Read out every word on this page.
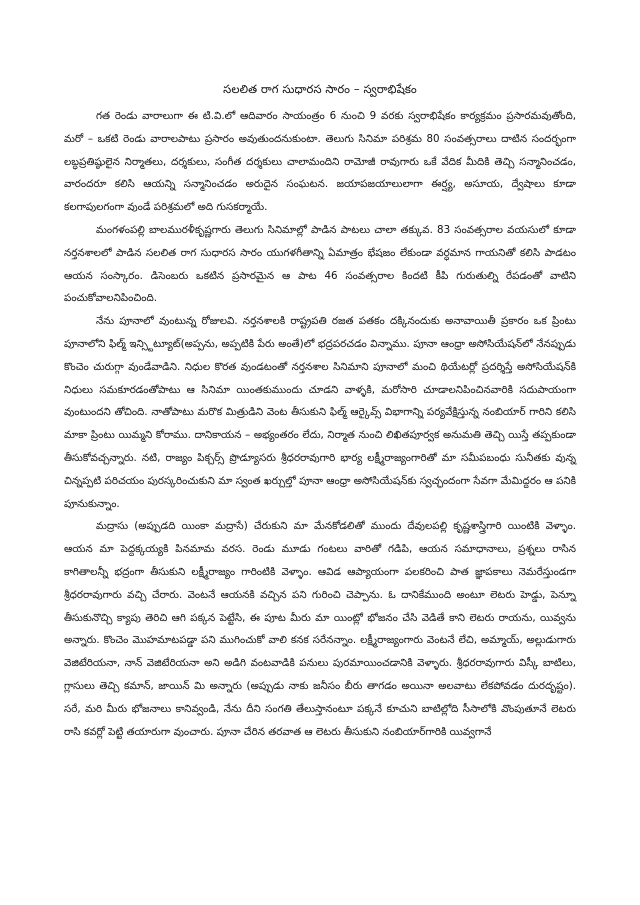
సలలిత రాగ సుధారస సారం – స్వరాభిషేకం

గత రెండు వారాలుగా ఈ టి.వి.లో ఆదివారం సాయంత్రం 6 నుంచి 9 వరకు స్వరాభిషేకం కార్యక్రమం ప్రసారమవుతోంది, మరో – ఒకటి రెండు వారాలపాటు ప్రసారం అవుతుందనుకుంటా. తెలుగు సినిమా పరిశ్రమ 80 సంవత్సరాలు దాటిన సందర్భంగా లబ్ధప్రతిష్ఠులైన నిర్మాతలు, దర్శకులు, సంగీత దర్శకులు చాలామందిని రామోజీ రావుగారు ఒకే వేదిక మీదికి తెచ్చి సన్మానించడం, వారందరూ కలిసి ఆయన్ని సన్మానించడం అరుదైన సంఘటన. జయాపజయాలులాగా ఈర్ష్య, అసూయ, ద్వేషాలు కూడా కలగాపులగంగా వుండే పరిశ్రమలో అది గుసకర్మాయే.

మంగళంపల్లి బాలమురళీకృష్ణగారు తెలుగు సినిమాల్లో పాడిన పాటలు చాలా తక్కువ. 83 సంవత్సరాల వయసులో కూడా నర్తనశాలలో పాడిన సలలిత రాగ సుధారస సారం యుగళగీతాన్ని ఏమాత్రం భేషజం లేకుండా వర్ధమాన గాయనితో కలిసి పాడటం ఆయన సంస్కారం. డిసెంబరు ఒకటిన ప్రసారమైన ఆ పాట 46 సంవత్సరాల కిందటి కీపి గురుతుల్ని రేపడంతో వాటిని పంచుకోవాలనిపించింది.

నేను పూనాలో వుంటున్న రోజులవి. నర్తనశాలకి రాష్ట్రపతి రజత పతకం దక్కినందుకు అనావాయితీ ప్రకారం ఒక ప్రింటు పూనాలోని ఫిల్మ్ ఇన్స్టిట్యూట్(అప్పను, అప్పటికి పేరు అంతే)లో భద్రపరచడం విన్నాము. పూనా ఆంధ్రా అసోసియేషన్‌లో నేనప్పుడు కొంచెం చురుగ్గా వుండేవాడిని. నిధుల కొరత వుండటంతో నర్తనశాల సినిమాని పూనాలో మంచి థియేటర్లో ప్రదర్శిస్తే అసోసియేషన్‌కి నిధులు సమకూరడంతోపాటు ఆ సినిమా యింతకుముందు చూడని వాళ్ళకి, మరోసారి చూడాలనిపించినవారికి సదుపాయంగా వుంటుందని తోచింది. నాతోపాటు మరొక మిత్రుడిని వెంట తీసుకుని ఫిల్మ్ ఆర్కైవ్స్ విభాగాన్ని పర్యవేక్షిస్తున్న నంబియార్ గారిని కలిసి మాకా ప్రింటు యిమ్మని కోరాము. దానికాయన – అభ్యంతరం లేదు, నిర్మాత నుంచి లిఖితపూర్వక అనుమతి తెచ్చి యిస్తే తప్పకుండా తీసుకోవచ్చన్నారు. నటి, రాజ్యం పిక్చర్స్ ప్రొడ్యూసరు శ్రీధరరావుగారి భార్య లక్ష్మీరాజ్యంగారితో మా సమీపబంధు సునీతకు వున్న చిన్నప్పటి పరిచయం పురస్కరించుకుని మా స్వంత ఖర్చుల్తో పూనా ఆంధ్రా అసోసియేషన్‌కు స్వచ్ఛందంగా సేవగా మేమిద్దరం ఆ పనికి పూనుకున్నాం.

మద్రాసు (అప్పుడది యింకా మద్రాసే) చేరుకుని మా మేనకోడలితో ముందు దేవులపల్లి కృష్ణశాస్త్రిగారి యింటికి వెళ్ళాం. ఆయన మా పెద్దక్కయ్యకి పినమామ వరస. రెండు మూడు గంటలు వారితో గడిపి, ఆయన సమాధానాలు, ప్రశ్నలు రాసిన కాగితాలన్నీ భద్రంగా తీసుకుని లక్ష్మీరాజ్యం గారింటికి వెళ్ళాం. ఆవిడ ఆప్యాయంగా పలకరించి పాత జ్ఞాపకాలు నెమరేస్తుండగా శ్రీధరరావుగారు వచ్చి చేరారు. వెంటనే ఆయనకి వచ్చిన పని గురించి చెప్పాను. ఓ దానికేముంది అంటూ లెటరు హెడ్డు, పెన్నూ తీసుకునొచ్చి క్యాపు తెరిచి ఆగి పక్కన పెట్టేసి, ఈ పూట మీరు మా యింట్లో భోజనం చేసి వెడితే కాని లెటరు రాయను, యివ్వను అన్నారు. కొంచెం మొహమాటపడ్డా పని ముగించుకో వాలి కనక సరేనన్నాం. లక్ష్మీరాజ్యంగారు వెంటనే లేచి, అమ్మాయ్, అల్లుడుగారు వెజిటేరియనా, నాన్ వెజిటేరియనా అని అడిగి వంటవాడికి పనులు పురమాయించడానికి వెళ్ళారు. శ్రీధరరావుగారు విస్కీ బాటిలు, గ్లాసులు తెచ్చి కమాన్, జాయిన్ మి అన్నారు (అప్పుడు నాకు జనీసం బీరు తాగడం అయినా అలవాటు లేకపోవడం దురదృష్టం). సరే, మరి మీరు భోజనాలు కానివ్వండి, నేను దీని సంగతి తేలుస్తానంటూ పక్కనే కూచుని బాటిల్లోది సీసాలోకి వొంపుతూనే లెటరు రాసి కవర్లో పెట్టి తయారుగా వుంచారు. పూనా చేరిన తరవాత ఆ లెటరు తీసుకుని నంబియార్‌గారికి యివ్వగానే
